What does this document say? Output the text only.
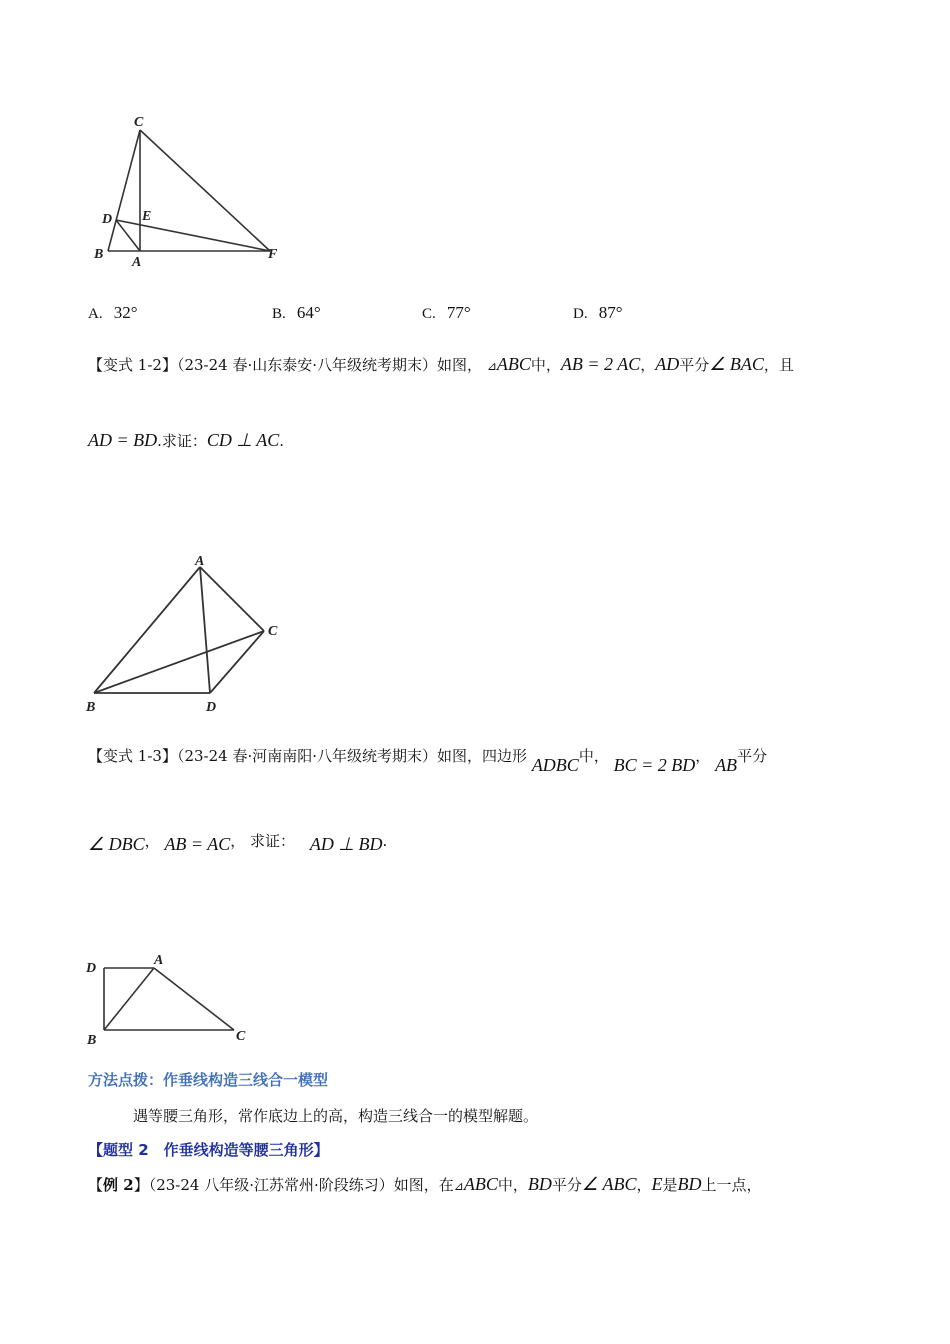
C
D E
B
A
F
A. 32°	B. 64°	C. 77°	D. 87°
【变式 1-2】（23-24 春·山东泰安·八年级统考期末）如图， ⊿ABC中，AB = 2 AC，AD平分∠ BAC，且
AD = BD.求证：CD ⊥ AC.
A
C
B	D
【变式 1-3】（23-24 春·河南南阳·八年级统考期末）如图，四边形 ADBC中， BC = 2 BD， AB平分
∠ DBC， AB = AC， 求证： AD ⊥ BD.
D
A
B	C
方法点拨：作垂线构造三线合一模型
遇等腰三角形，常作底边上的高，构造三线合一的模型解题。
【题型 2　作垂线构造等腰三角形】
【例 2】（23-24 八年级·江苏常州·阶段练习）如图，在⊿ABC中，BD平分∠ ABC，E是BD上一点，
